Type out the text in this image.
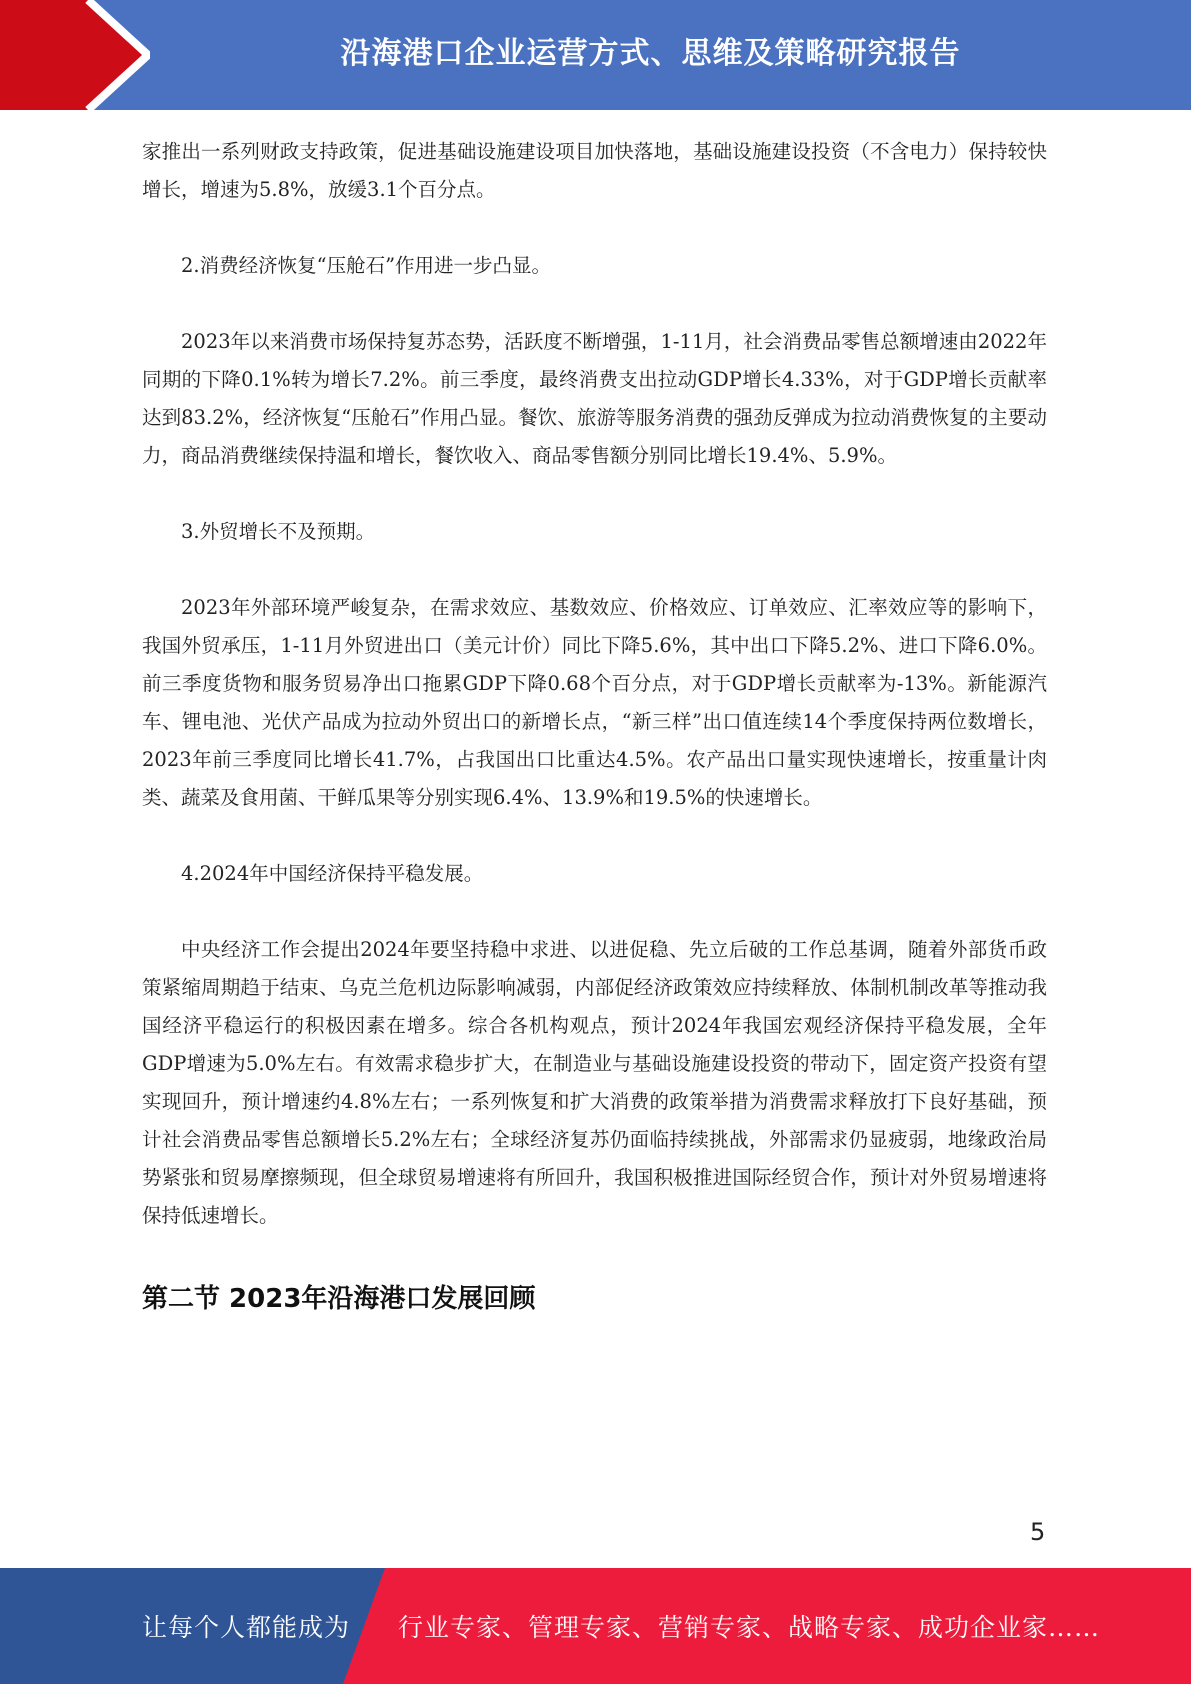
沿海港口企业运营方式、思维及策略研究报告

家推出一系列财政支持政策，促进基础设施建设项目加快落地，基础设施建设投资（不含电力）保持较快增长，增速为5.8%，放缓3.1个百分点。

2.消费经济恢复“压舱石”作用进一步凸显。

2023年以来消费市场保持复苏态势，活跃度不断增强，1-11月，社会消费品零售总额增速由2022年同期的下降0.1%转为增长7.2%。前三季度，最终消费支出拉动GDP增长4.33%，对于GDP增长贡献率达到83.2%，经济恢复“压舱石”作用凸显。餐饮、旅游等服务消费的强劲反弹成为拉动消费恢复的主要动力，商品消费继续保持温和增长，餐饮收入、商品零售额分别同比增长19.4%、5.9%。

3.外贸增长不及预期。

2023年外部环境严峻复杂，在需求效应、基数效应、价格效应、订单效应、汇率效应等的影响下，我国外贸承压，1-11月外贸进出口（美元计价）同比下降5.6%，其中出口下降5.2%、进口下降6.0%。前三季度货物和服务贸易净出口拖累GDP下降0.68个百分点，对于GDP增长贡献率为-13%。新能源汽车、锂电池、光伏产品成为拉动外贸出口的新增长点，“新三样”出口值连续14个季度保持两位数增长，2023年前三季度同比增长41.7%，占我国出口比重达4.5%。农产品出口量实现快速增长，按重量计肉类、蔬菜及食用菌、干鲜瓜果等分别实现6.4%、13.9%和19.5%的快速增长。

4.2024年中国经济保持平稳发展。

中央经济工作会提出2024年要坚持稳中求进、以进促稳、先立后破的工作总基调，随着外部货币政策紧缩周期趋于结束、乌克兰危机边际影响减弱，内部促经济政策效应持续释放、体制机制改革等推动我国经济平稳运行的积极因素在增多。综合各机构观点，预计2024年我国宏观经济保持平稳发展，全年GDP增速为5.0%左右。有效需求稳步扩大，在制造业与基础设施建设投资的带动下，固定资产投资有望实现回升，预计增速约4.8%左右；一系列恢复和扩大消费的政策举措为消费需求释放打下良好基础，预计社会消费品零售总额增长5.2%左右；全球经济复苏仍面临持续挑战，外部需求仍显疲弱，地缘政治局势紧张和贸易摩擦频现，但全球贸易增速将有所回升，我国积极推进国际经贸合作，预计对外贸易增速将保持低速增长。

第二节 2023年沿海港口发展回顾
5
让每个人都能成为 行业专家、管理专家、营销专家、战略专家、成功企业家……
